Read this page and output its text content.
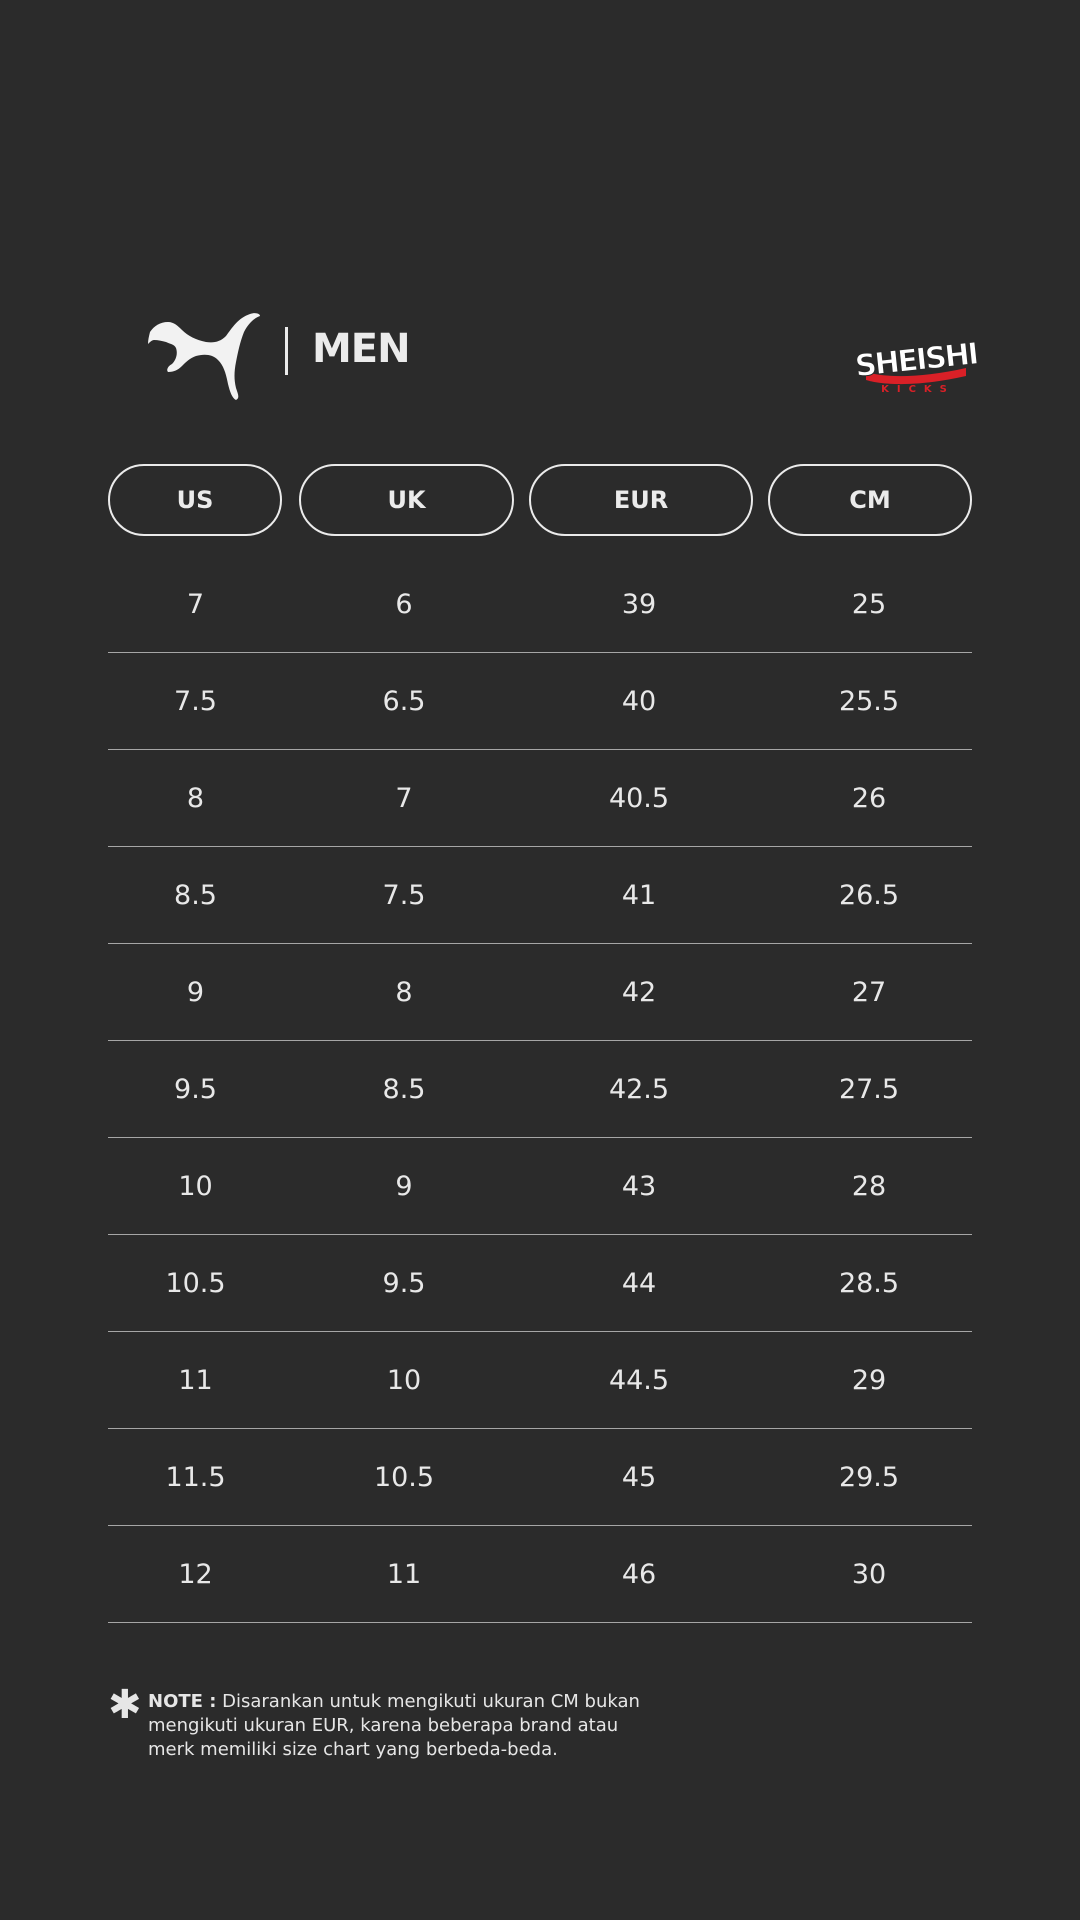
MEN	SHEISHI
KICKS
US	UK	EUR	CM
7	6	39	25
7.5	6.5	40	25.5
8	7	40.5	26
8.5	7.5	41	26.5
9	8	42	27
9.5	8.5	42.5	27.5
10	9	43	28
10.5	9.5	44	28.5
11	10	44.5	29
11.5	10.5	45	29.5
12	11	46	30
✱ NOTE : Disarankan untuk mengikuti ukuran CM bukan mengikuti ukuran EUR, karena beberapa brand atau merk memiliki size chart yang berbeda-beda.
